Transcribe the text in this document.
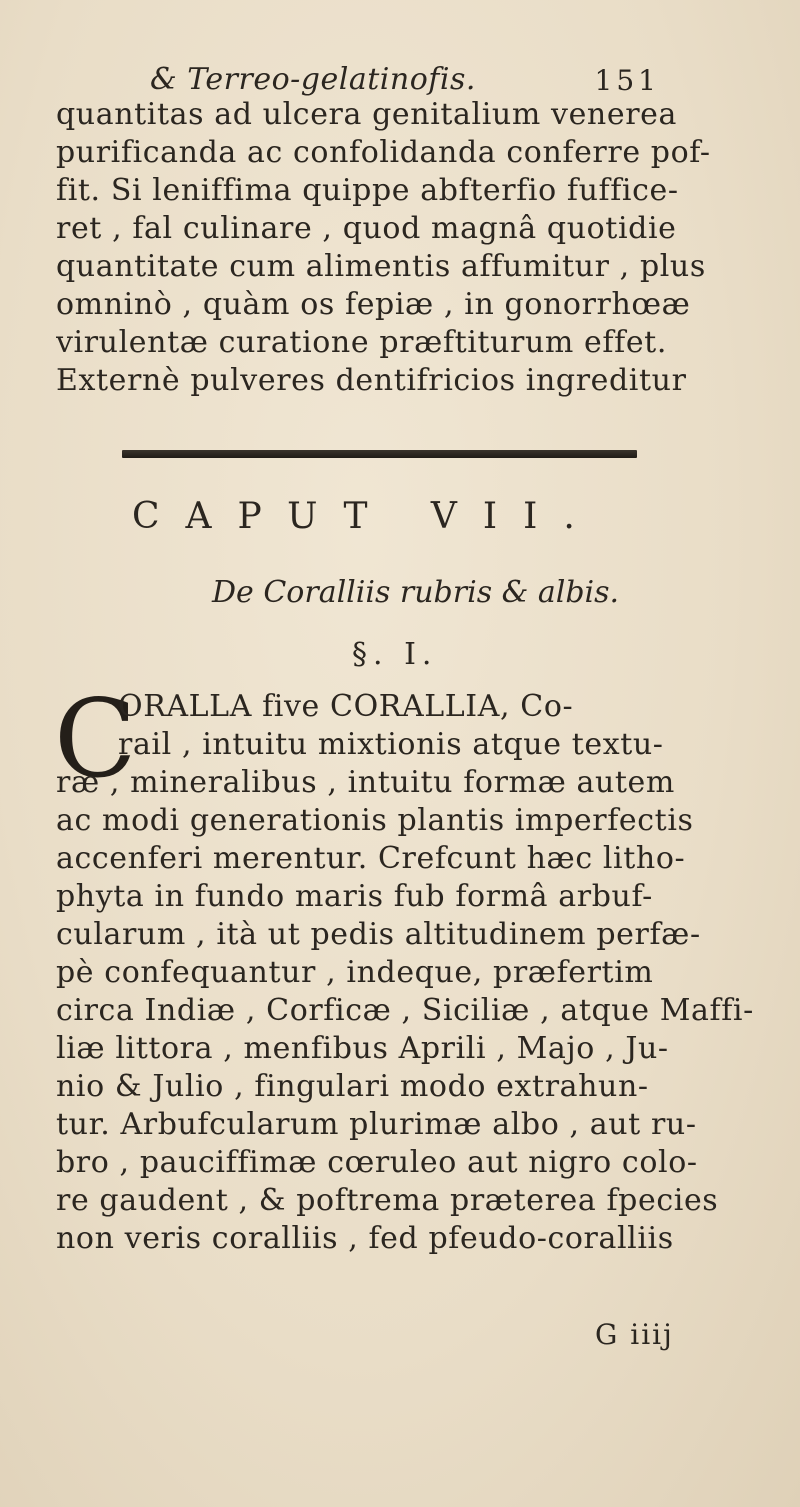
& Terreo-gelatinofis.	151
quantitas ad ulcera genitalium venerea
purificanda ac confolidanda conferre pof-
fit. Si leniffima quippe abfterfio fuffice-
ret , fal culinare , quod magnâ quotidie
quantitate cum alimentis affumitur , plus
omninò , quàm os fepiæ , in gonorrhœæ
virulentæ curatione præftiturum effet.
Externè pulveres dentifricios ingreditur
CAPUT VII.
De Coralliis rubris & albis.
§. I.
C
ORALLA five CORALLIA, Co-
rail , intuitu mixtionis atque textu-
ræ , mineralibus , intuitu formæ autem
ac modi generationis plantis imperfectis
accenferi merentur. Crefcunt hæc litho-
phyta in fundo maris fub formâ arbuf-
cularum , ità ut pedis altitudinem perfæ-
pè confequantur , indeque, præfertim
circa Indiæ , Corficæ , Siciliæ , atque Maffi-
liæ littora , menfibus Aprili , Majo , Ju-
nio & Julio , fingulari modo extrahun-
tur. Arbufcularum plurimæ albo , aut ru-
bro , pauciffimæ cœruleo aut nigro colo-
re gaudent , & poftrema præterea fpecies
non veris coralliis , fed pfeudo-coralliis
G iiij
